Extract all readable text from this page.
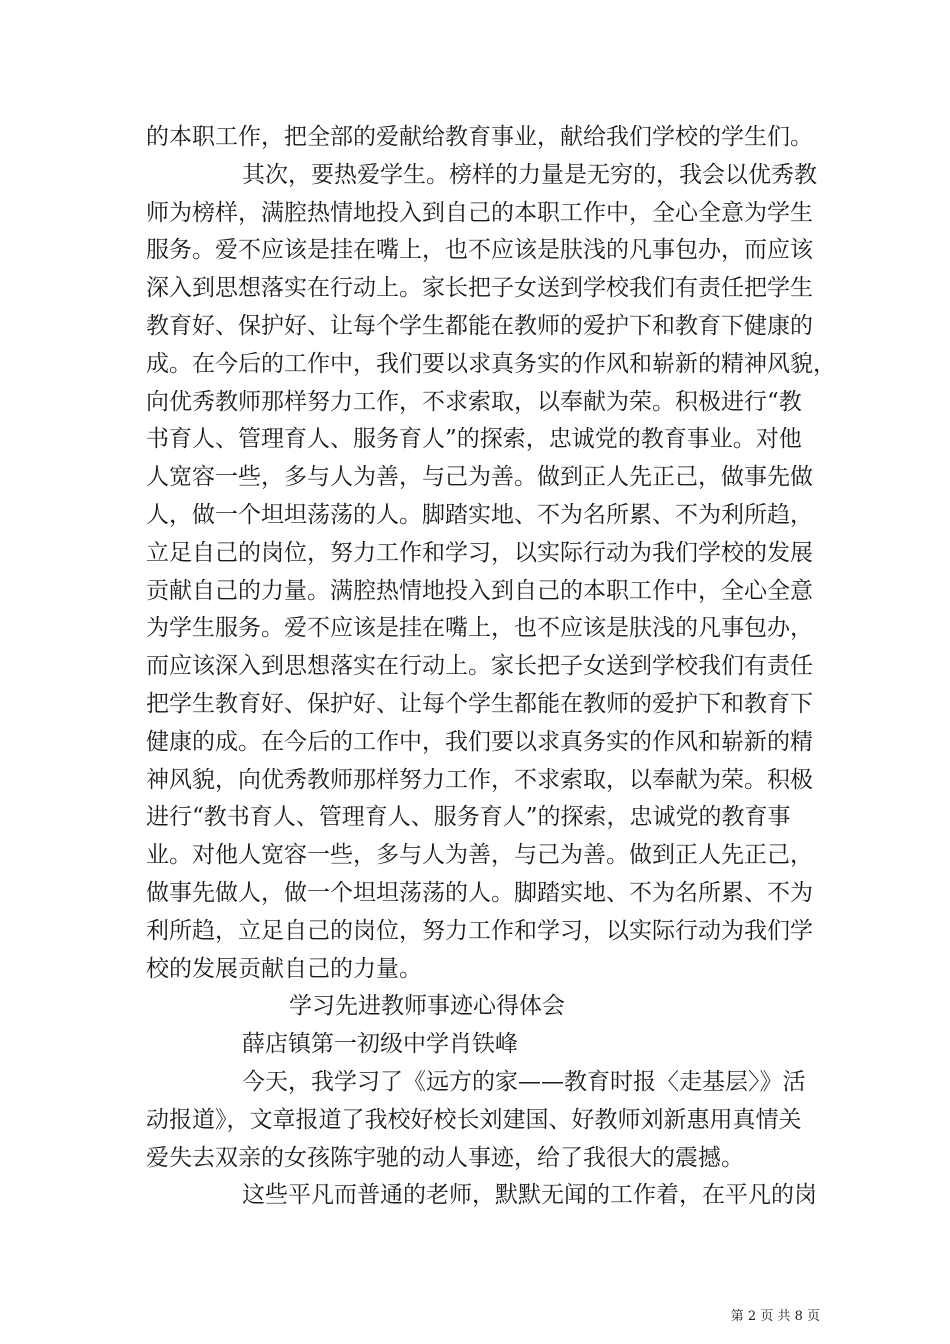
的本职工作，把全部的爱献给教育事业，献给我们学校的学生们。
其次，要热爱学生。榜样的力量是无穷的，我会以优秀教
师为榜样，满腔热情地投入到自己的本职工作中，全心全意为学生
服务。爱不应该是挂在嘴上，也不应该是肤浅的凡事包办，而应该
深入到思想落实在行动上。家长把子女送到学校我们有责任把学生
教育好、保护好、让每个学生都能在教师的爱护下和教育下健康的
成。在今后的工作中，我们要以求真务实的作风和崭新的精神风貌，
向优秀教师那样努力工作，不求索取，以奉献为荣。积极进行“教
书育人、管理育人、服务育人”的探索，忠诚党的教育事业。对他
人宽容一些，多与人为善，与己为善。做到正人先正己，做事先做
人，做一个坦坦荡荡的人。脚踏实地、不为名所累、不为利所趋，
立足自己的岗位，努力工作和学习，以实际行动为我们学校的发展
贡献自己的力量。满腔热情地投入到自己的本职工作中，全心全意
为学生服务。爱不应该是挂在嘴上，也不应该是肤浅的凡事包办，
而应该深入到思想落实在行动上。家长把子女送到学校我们有责任
把学生教育好、保护好、让每个学生都能在教师的爱护下和教育下
健康的成。在今后的工作中，我们要以求真务实的作风和崭新的精
神风貌，向优秀教师那样努力工作，不求索取，以奉献为荣。积极
进行“教书育人、管理育人、服务育人”的探索，忠诚党的教育事
业。对他人宽容一些，多与人为善，与己为善。做到正人先正己，
做事先做人，做一个坦坦荡荡的人。脚踏实地、不为名所累、不为
利所趋，立足自己的岗位，努力工作和学习，以实际行动为我们学
校的发展贡献自己的力量。
学习先进教师事迹心得体会
薛店镇第一初级中学肖铁峰
今天，我学习了《远方的家——教育时报〈走基层〉》活
动报道》，文章报道了我校好校长刘建国、好教师刘新惠用真情关
爱失去双亲的女孩陈宇驰的动人事迹，给了我很大的震撼。
这些平凡而普通的老师，默默无闻的工作着，在平凡的岗
第 2 页 共 8 页
